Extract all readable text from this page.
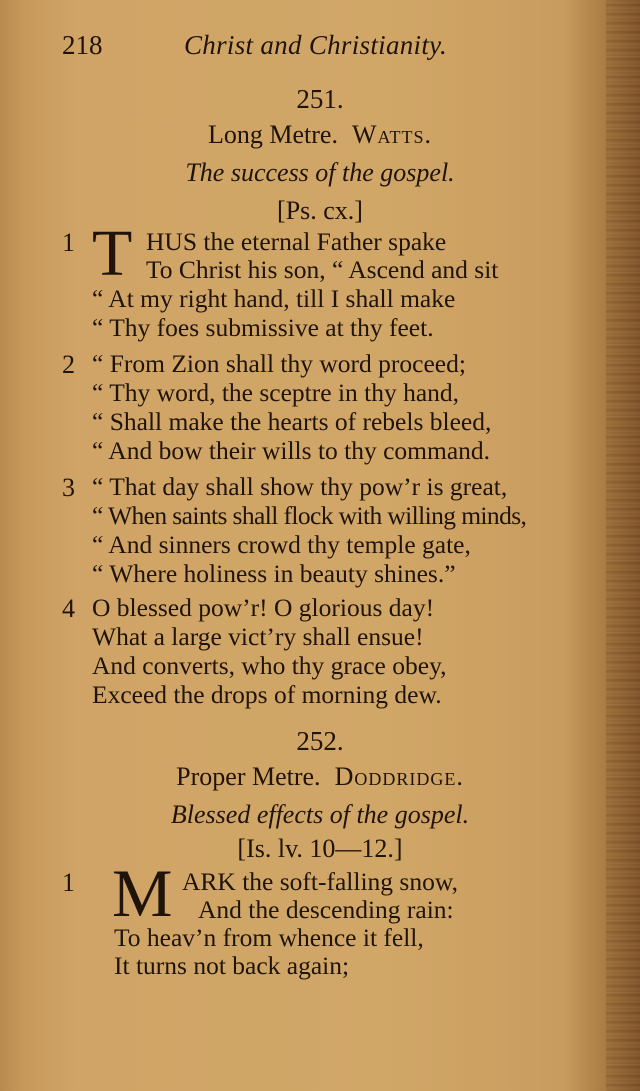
218	Christ and Christianity.
251.
Long Metre. Watts.
The success of the gospel.
[Ps. cx.]
1 T HUS the eternal Father spake
To Christ his son, “ Ascend and sit
“ At my right hand, till I shall make
“ Thy foes submissive at thy feet.
2 “ From Zion shall thy word proceed;
“ Thy word, the sceptre in thy hand,
“ Shall make the hearts of rebels bleed,
“ And bow their wills to thy command.
3 “ That day shall show thy pow’r is great,
“ When saints shall flock with willing minds,
“ And sinners crowd thy temple gate,
“ Where holiness in beauty shines.”
4 O blessed pow’r! O glorious day!
What a large vict’ry shall ensue!
And converts, who thy grace obey,
Exceed the drops of morning dew.
252.
Proper Metre. Doddridge.
Blessed effects of the gospel.
[Is. lv. 10—12.]
1 M ARK the soft-falling snow,
And the descending rain:
To heav’n from whence it fell,
It turns not back again;
